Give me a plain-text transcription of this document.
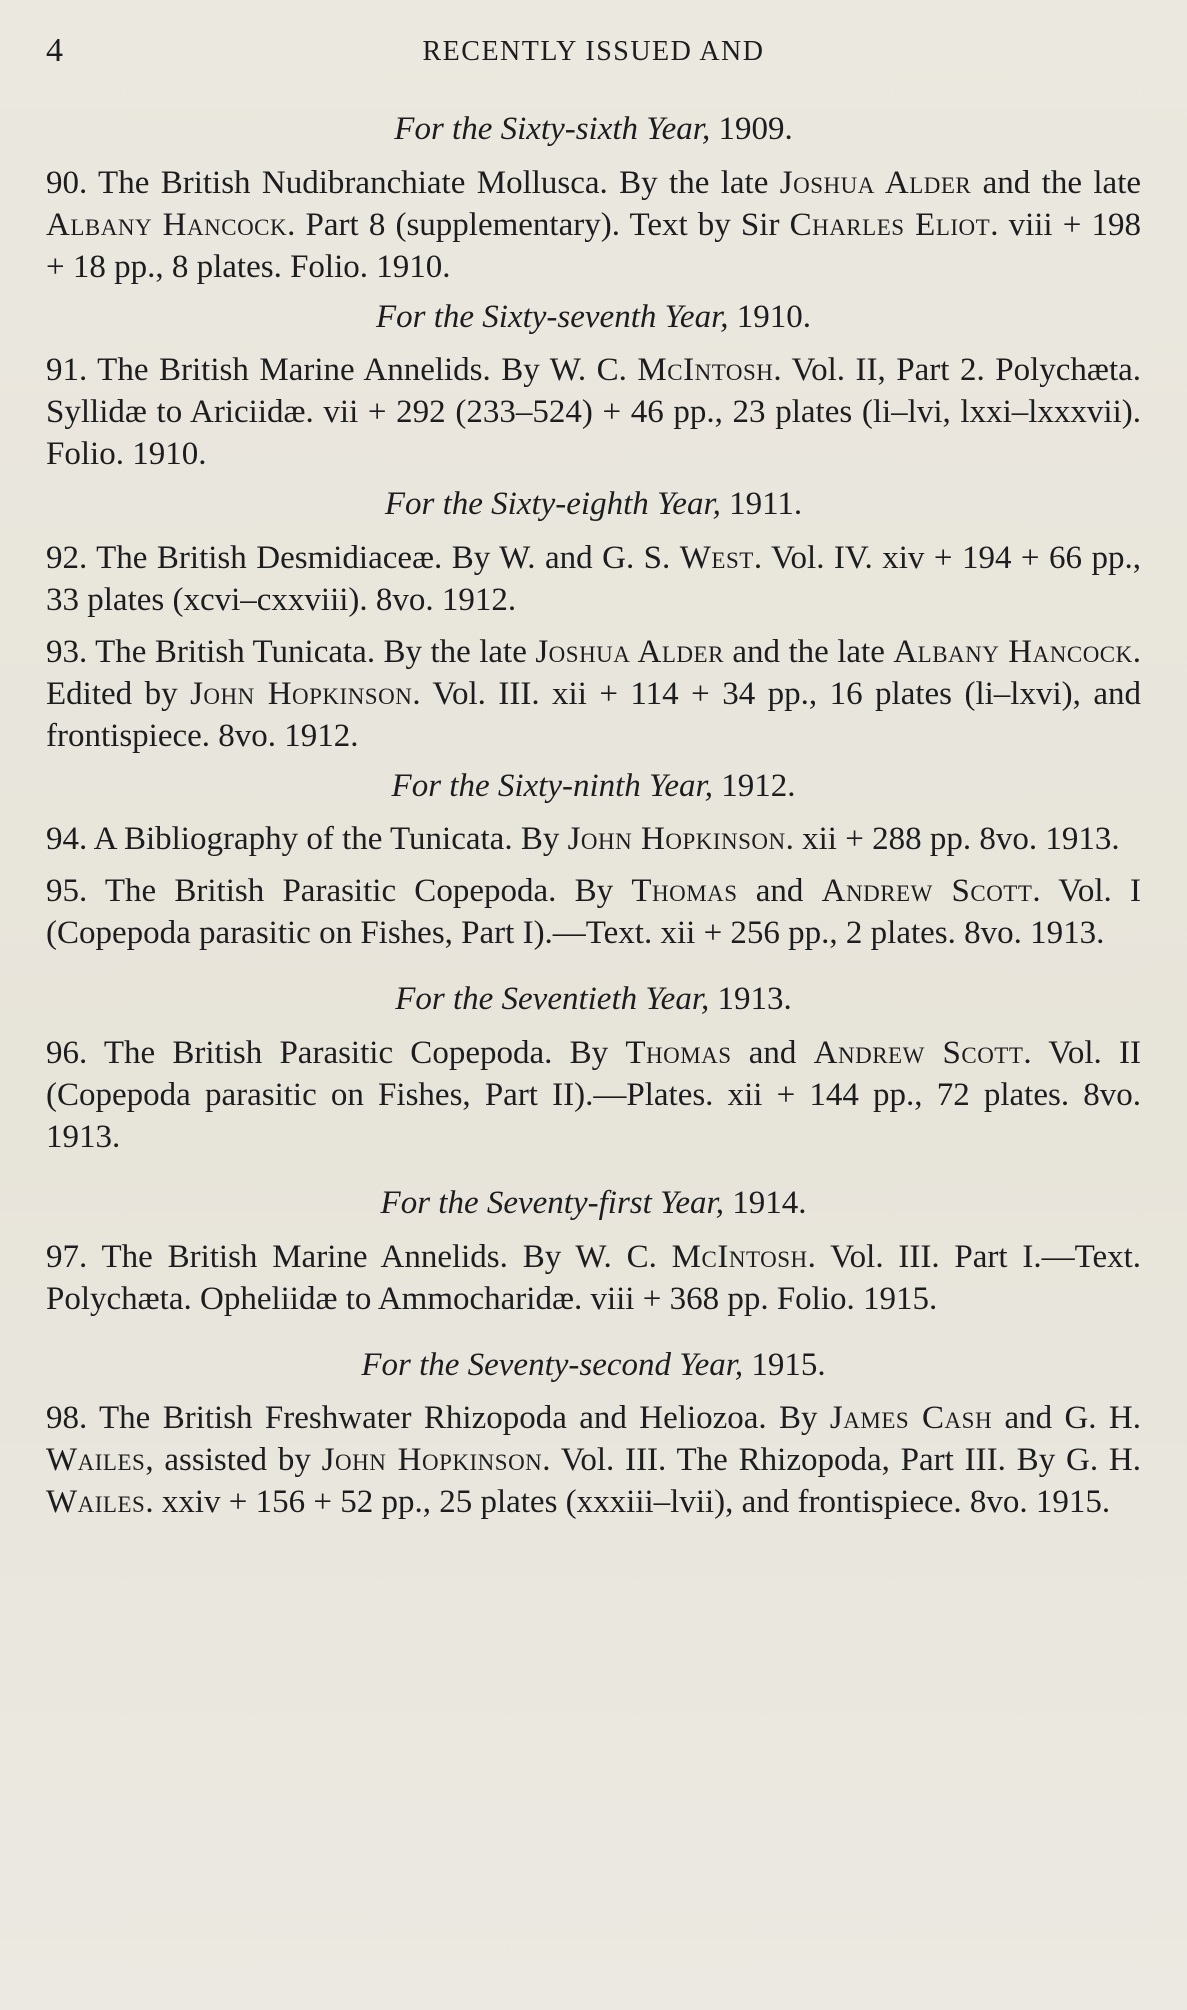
4	RECENTLY ISSUED AND
For the Sixty-sixth Year, 1909.

90. The British Nudibranchiate Mollusca. By the late Joshua Alder and the late Albany Hancock. Part 8 (supplementary). Text by Sir Charles Eliot. viii + 198 + 18 pp., 8 plates. Folio. 1910.

For the Sixty-seventh Year, 1910.

91. The British Marine Annelids. By W. C. McIntosh. Vol. II, Part 2. Polychæta. Syllidæ to Ariciidæ. vii + 292 (233–524) + 46 pp., 23 plates (li–lvi, lxxi–lxxxvii). Folio. 1910.

For the Sixty-eighth Year, 1911.

92. The British Desmidiaceæ. By W. and G. S. West. Vol. IV. xiv + 194 + 66 pp., 33 plates (xcvi–cxxviii). 8vo. 1912.

93. The British Tunicata. By the late Joshua Alder and the late Albany Hancock. Edited by John Hopkinson. Vol. III. xii + 114 + 34 pp., 16 plates (li–lxvi), and frontispiece. 8vo. 1912.

For the Sixty-ninth Year, 1912.

94. A Bibliography of the Tunicata. By John Hopkinson. xii + 288 pp. 8vo. 1913.

95. The British Parasitic Copepoda. By Thomas and Andrew Scott. Vol. I (Copepoda parasitic on Fishes, Part I).—Text. xii + 256 pp., 2 plates. 8vo. 1913.

For the Seventieth Year, 1913.

96. The British Parasitic Copepoda. By Thomas and Andrew Scott. Vol. II (Copepoda parasitic on Fishes, Part II).—Plates. xii + 144 pp., 72 plates. 8vo. 1913.

For the Seventy-first Year, 1914.

97. The British Marine Annelids. By W. C. McIntosh. Vol. III. Part I.—Text. Polychæta. Opheliidæ to Ammocharidæ. viii + 368 pp. Folio. 1915.

For the Seventy-second Year, 1915.

98. The British Freshwater Rhizopoda and Heliozoa. By James Cash and G. H. Wailes, assisted by John Hopkinson. Vol. III. The Rhizopoda, Part III. By G. H. Wailes. xxiv + 156 + 52 pp., 25 plates (xxxiii–lvii), and frontispiece. 8vo. 1915.
